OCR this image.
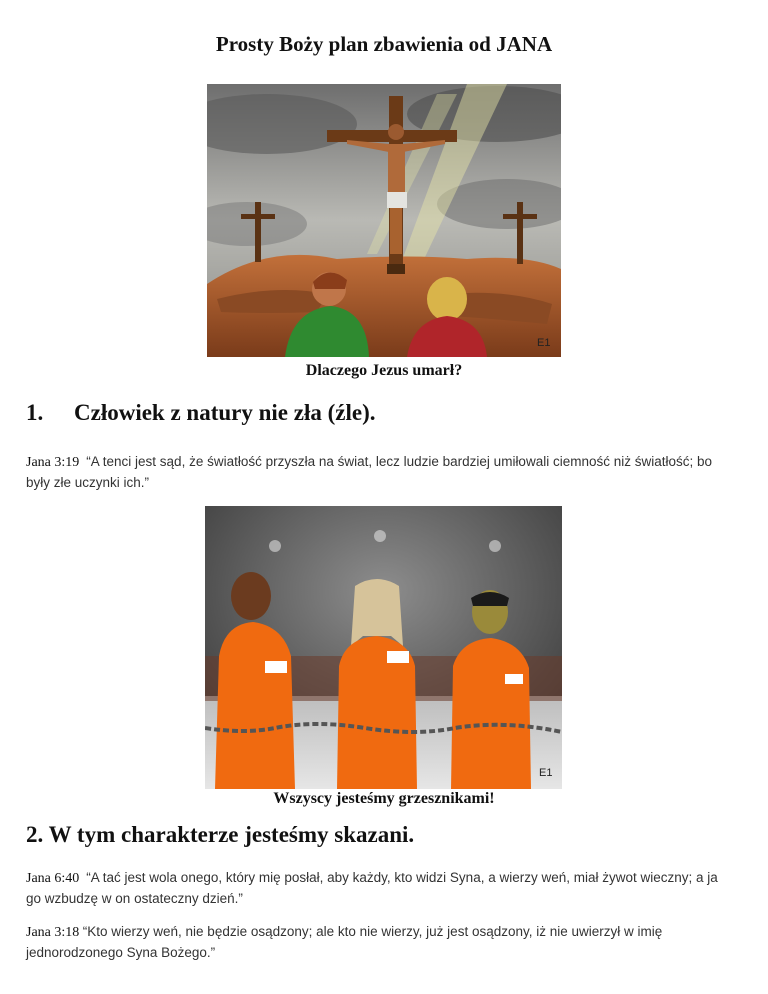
Prosty Boży plan zbawienia od JANA
E1

Dlaczego Jezus umarł?

1. Człowiek z natury nie zła (źle).

Jana 3:19 “A tenci jest sąd, że światłość przyszła na świat, lecz ludzie bardziej umiłowali ciemność niż światłość; bo były złe uczynki ich.”

E1

Wszyscy jesteśmy grzesznikami!

2. W tym charakterze jesteśmy skazani.

Jana 6:40 “A tać jest wola onego, który mię posłał, aby każdy, kto widzi Syna, a wierzy weń, miał żywot wieczny; a ja go wzbudzę w on ostateczny dzień.”

Jana 3:18 “Kto wierzy weń, nie będzie osądzony; ale kto nie wierzy, już jest osądzony, iż nie uwierzył w imię jednorodzonego Syna Bożego.”
